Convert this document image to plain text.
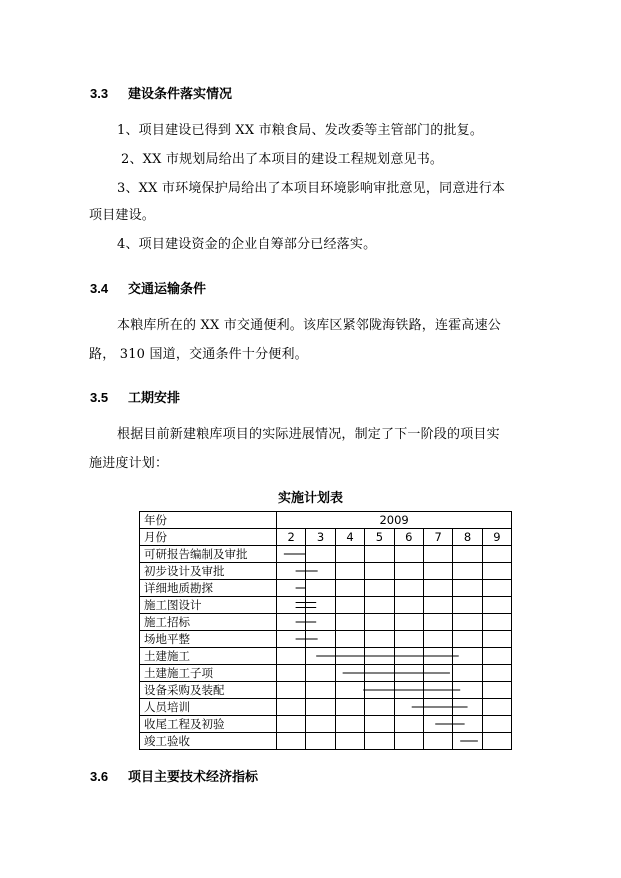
3.3 建设条件落实情况
1、项目建设已得到 XX 市粮食局、发改委等主管部门的批复。
2、XX 市规划局给出了本项目的建设工程规划意见书。
3、XX 市环境保护局给出了本项目环境影响审批意见，同意进行本
项目建设。
4、项目建设资金的企业自筹部分已经落实。
3.4 交通运输条件
本粮库所在的 XX 市交通便利。该库区紧邻陇海铁路，连霍高速公
路， 310 国道，交通条件十分便利。
3.5 工期安排
根据目前新建粮库项目的实际进展情况，制定了下一阶段的项目实
施进度计划：
实施计划表
年份	2009							
月份	2	3	4	5	6	7	8	9
可研报告编制及审批								
初步设计及审批								
详细地质勘探								
施工图设计								
施工招标								
场地平整								
土建施工								
土建施工子项								
设备采购及装配								
人员培训								
收尾工程及初验								
竣工验收								
3.6 项目主要技术经济指标
